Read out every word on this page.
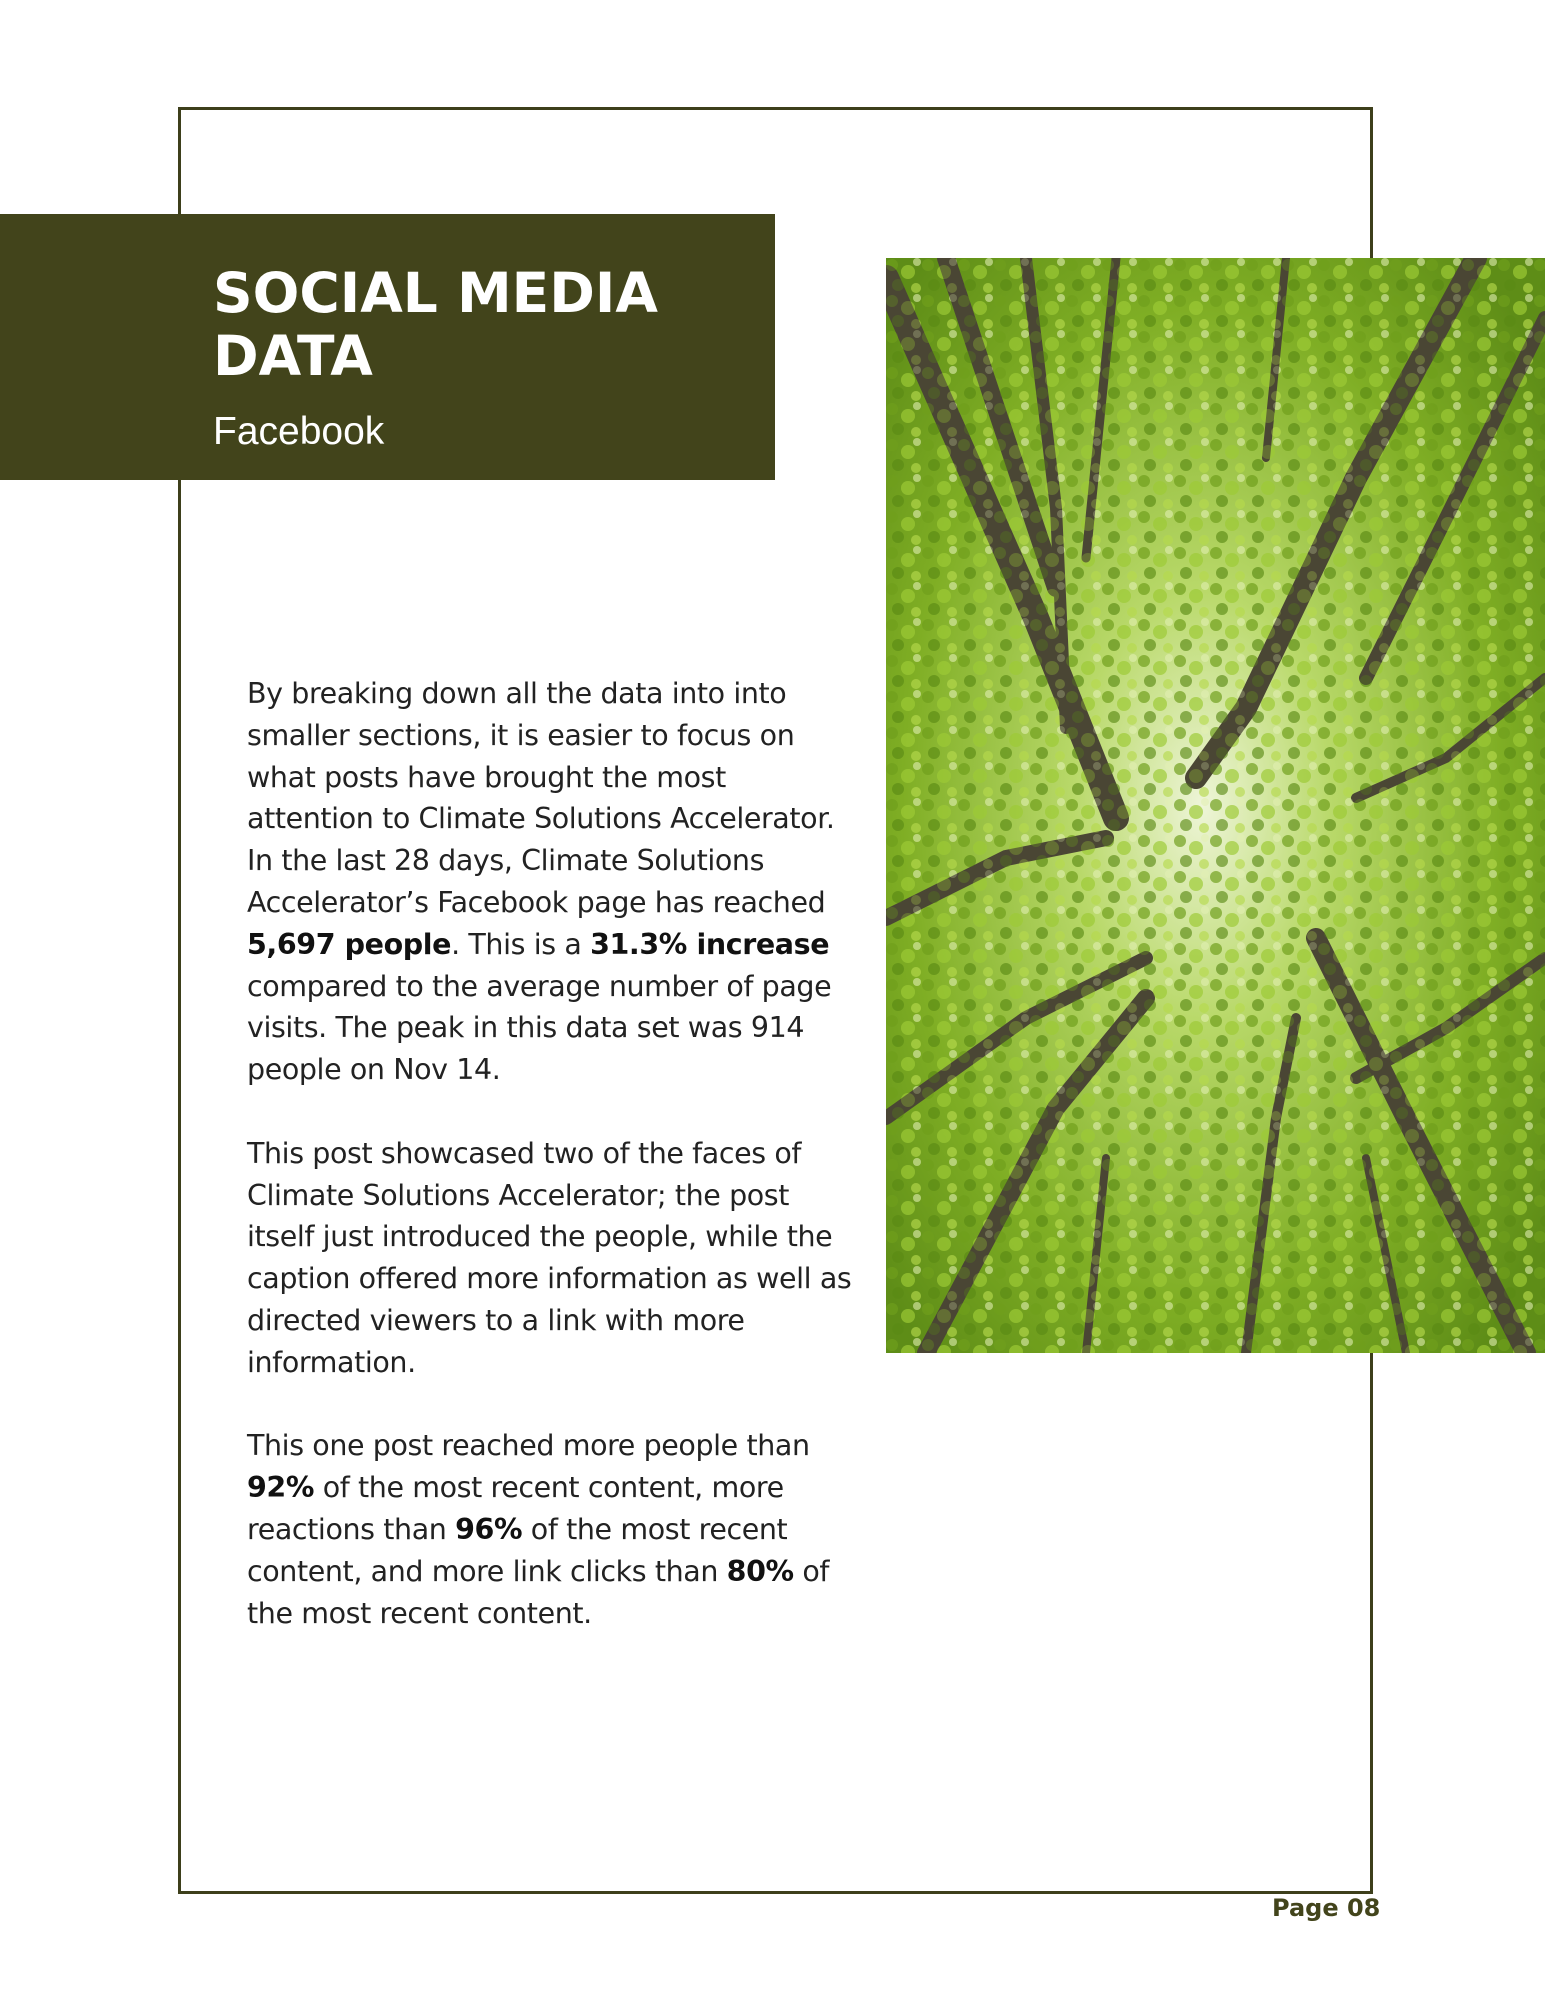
SOCIAL MEDIA
DATA
Facebook

By breaking down all the data into into smaller sections, it is easier to focus on what posts have brought the most attention to Climate Solutions Accelerator. In the last 28 days, Climate Solutions Accelerator’s Facebook page has reached 5,697 people. This is a 31.3% increase compared to the average number of page visits. The peak in this data set was 914 people on Nov 14.

This post showcased two of the faces of Climate Solutions Accelerator; the post itself just introduced the people, while the caption offered more information as well as directed viewers to a link with more information.

This one post reached more people than 92% of the most recent content, more reactions than 96% of the most recent content, and more link clicks than 80% of the most recent content.

Page 08
